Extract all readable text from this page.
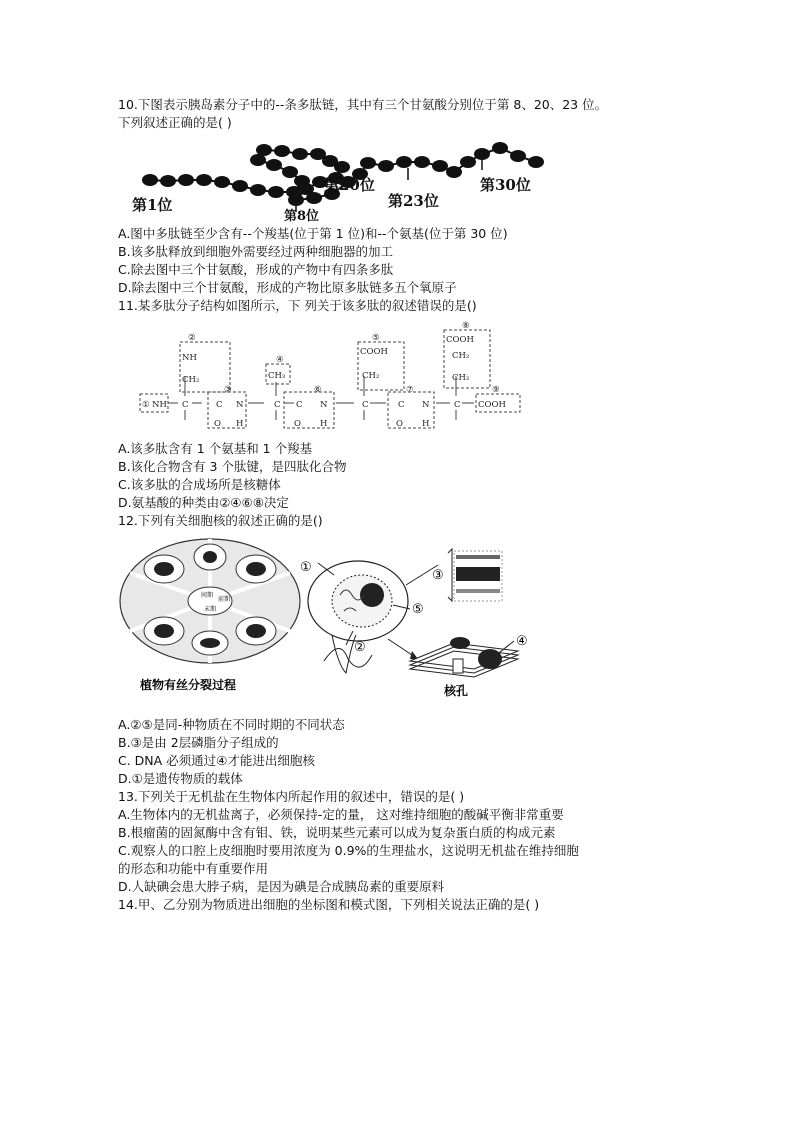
10.下图表示胰岛素分子中的--条多肽链，其中有三个甘氨酸分别位于第 8、20、23 位。
下列叙述正确的是( )
第1位
第8位
第20位
第23位
第30位
A.图中多肽链至少含有--个羧基(位于第 1 位)和--个氨基(位于第 30 位)
B.该多肽释放到细胞外需要经过两种细胞器的加工
C.除去图中三个甘氨酸，形成的产物中有四条多肽
D.除去图中三个甘氨酸，形成的产物比原多肽链多五个氧原子
11.某多肽分子结构如图所示，下 列关于该多肽的叙述错误的是()
①
②
③
④
⑥
⑤
⑦
⑧
⑨
NH
NH
CH₂	CH₃
COOH
CH₂
COOH
CH₂
CH₂
COOH
C	C N	C C N	C	C N	C
O H	O H	O H
A.该多肽含有 1 个氨基和 1 个羧基
B.该化合物含有 3 个肽键，是四肽化合物
C.该多肽的合成场所是核糖体
D.氨基酸的种类由②④⑥⑧决定
12.下列有关细胞核的叙述正确的是()
间期
前期
末期
植物有丝分裂过程
①
⑤
②
③
④
核孔
A.②⑤是同-种物质在不同时期的不同状态
B.③是由 2层磷脂分子组成的
C. DNA 必须通过④才能进出细胞核
D.①是遗传物质的载体
13.下列关于无机盐在生物体内所起作用的叙述中，错误的是( )
A.生物体内的无机盐离子，必须保持-定的量， 这对维持细胞的酸碱平衡非常重要
B.根瘤菌的固氮酶中含有钼、铁，说明某些元素可以成为复杂蛋白质的构成元素
C.观察人的口腔上皮细胞时要用浓度为 0.9%的生理盐水，这说明无机盐在维持细胞
的形态和功能中有重要作用
D.人缺碘会患大脖子病，是因为碘是合成胰岛素的重要原料
14.甲、乙分别为物质进出细胞的坐标图和模式图，下列相关说法正确的是( )
